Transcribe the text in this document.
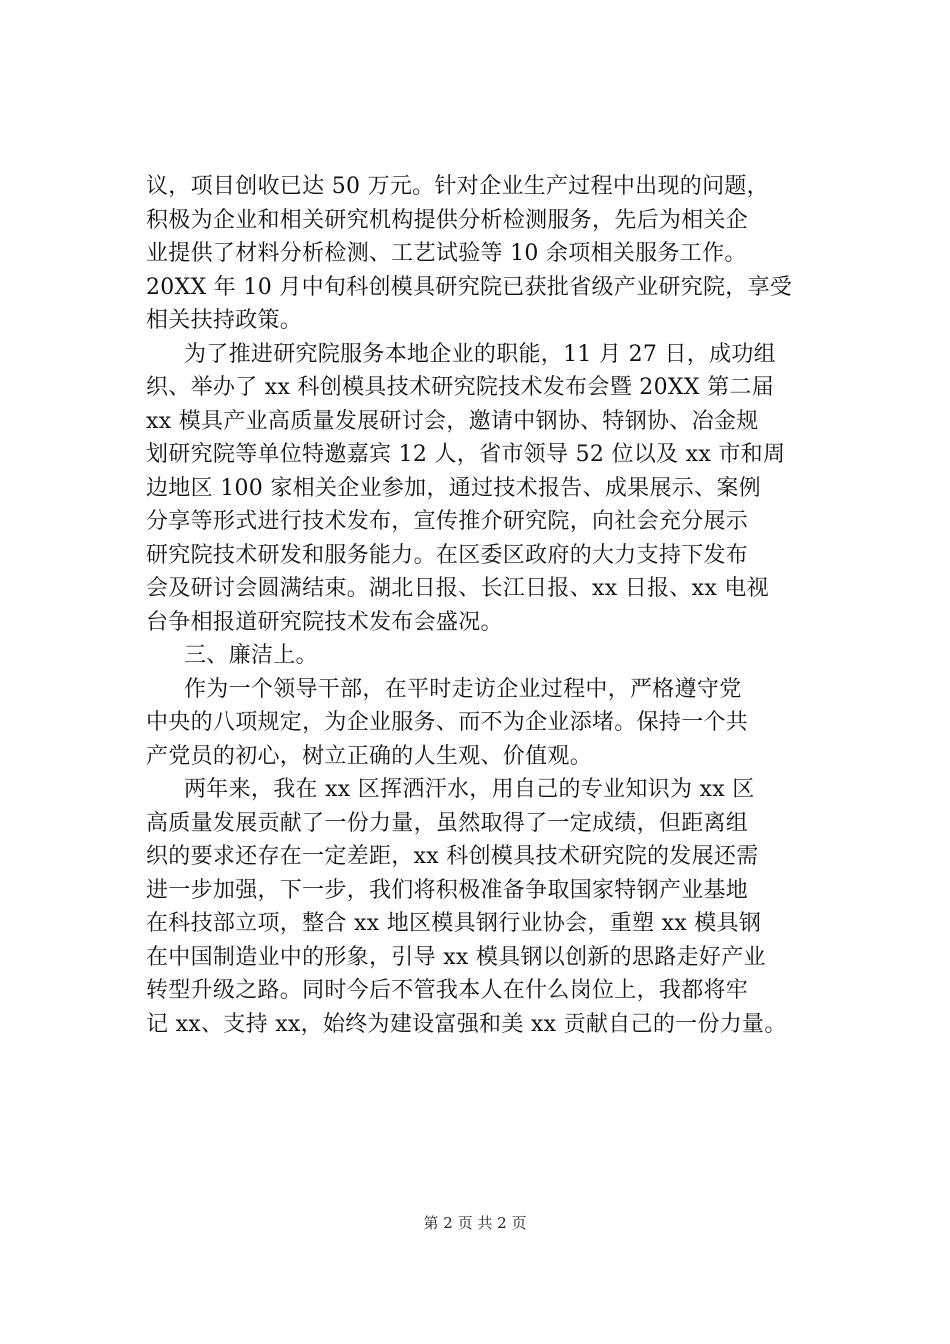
议，项目创收已达 50 万元。针对企业生产过程中出现的问题，
积极为企业和相关研究机构提供分析检测服务，先后为相关企
业提供了材料分析检测、工艺试验等 10 余项相关服务工作。
20XX 年 10 月中旬科创模具研究院已获批省级产业研究院，享受
相关扶持政策。
为了推进研究院服务本地企业的职能，11 月 27 日，成功组
织、举办了 xx 科创模具技术研究院技术发布会暨 20XX 第二届
xx 模具产业高质量发展研讨会，邀请中钢协、特钢协、冶金规
划研究院等单位特邀嘉宾 12 人，省市领导 52 位以及 xx 市和周
边地区 100 家相关企业参加，通过技术报告、成果展示、案例
分享等形式进行技术发布，宣传推介研究院，向社会充分展示
研究院技术研发和服务能力。在区委区政府的大力支持下发布
会及研讨会圆满结束。湖北日报、长江日报、xx 日报、xx 电视
台争相报道研究院技术发布会盛况。
三、廉洁上。
作为一个领导干部，在平时走访企业过程中，严格遵守党
中央的八项规定，为企业服务、而不为企业添堵。保持一个共
产党员的初心，树立正确的人生观、价值观。
两年来，我在 xx 区挥洒汗水，用自己的专业知识为 xx 区
高质量发展贡献了一份力量，虽然取得了一定成绩，但距离组
织的要求还存在一定差距，xx 科创模具技术研究院的发展还需
进一步加强，下一步，我们将积极准备争取国家特钢产业基地
在科技部立项，整合 xx 地区模具钢行业协会，重塑 xx 模具钢
在中国制造业中的形象，引导 xx 模具钢以创新的思路走好产业
转型升级之路。同时今后不管我本人在什么岗位上，我都将牢
记 xx、支持 xx，始终为建设富强和美 xx 贡献自己的一份力量。
第 2 页 共 2 页
